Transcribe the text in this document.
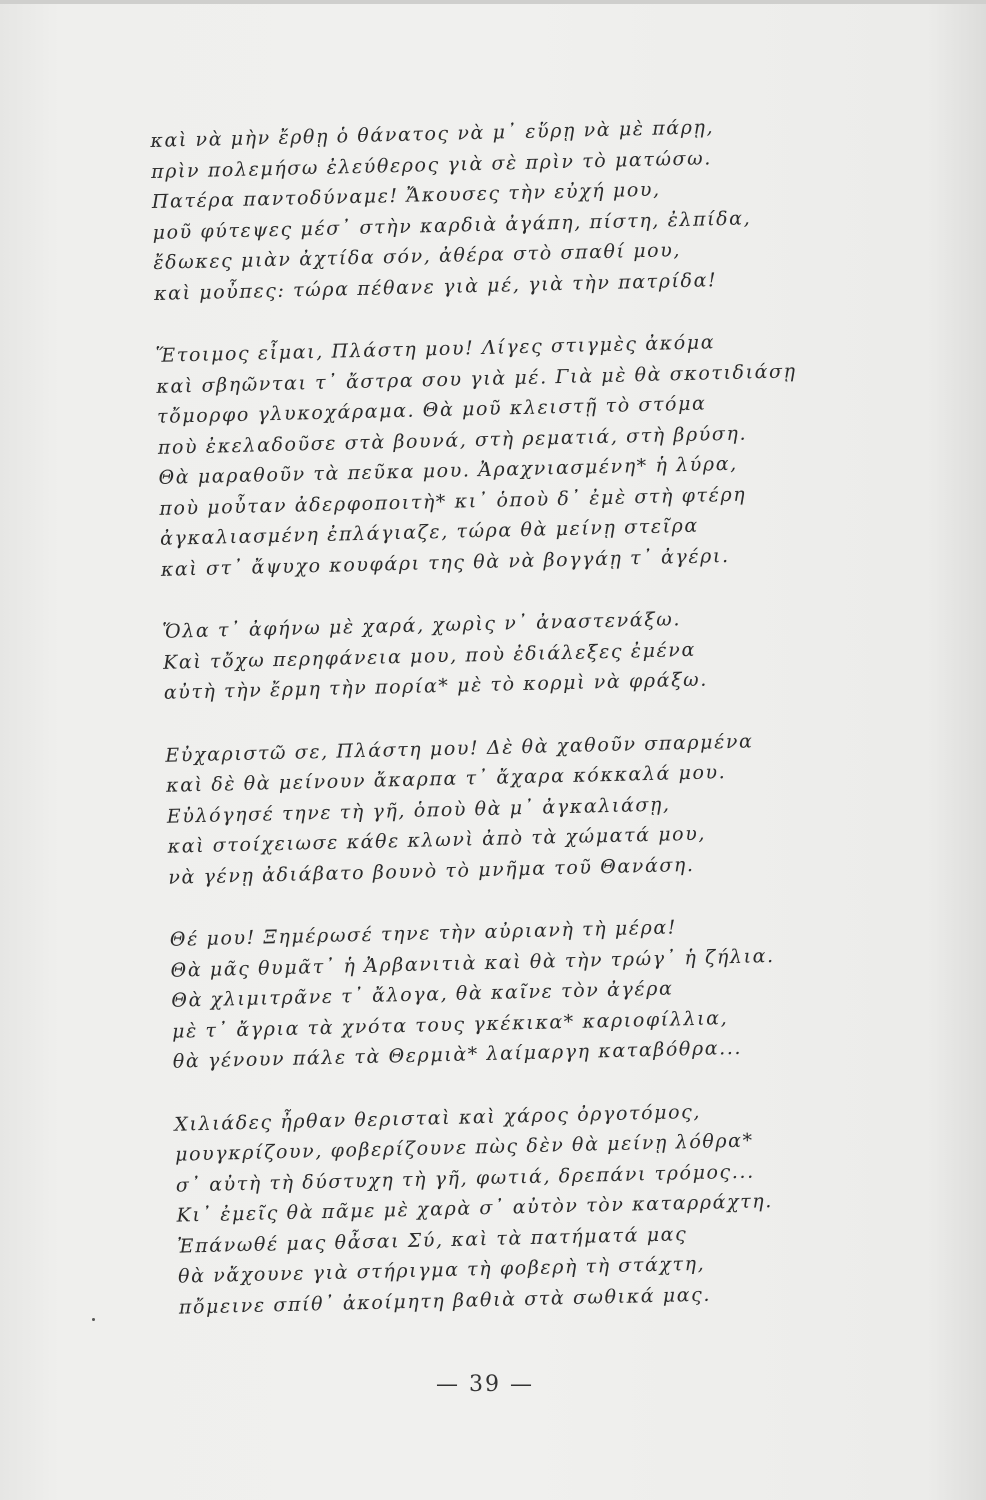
καὶ νὰ μὴν ἔρθῃ ὁ θάνατος νὰ μ᾿ εὕρῃ νὰ μὲ πάρῃ,
πρὶν πολεμήσω ἐλεύθερος γιὰ σὲ πρὶν τὸ ματώσω.
Πατέρα παντοδύναμε! Ἄκουσες τὴν εὐχή μου,
μοῦ φύτεψες μέσ᾿ στὴν καρδιὰ ἀγάπη, πίστη, ἐλπίδα,
ἔδωκες μιὰν ἀχτίδα σόν, ἀθέρα στὸ σπαθί μου,
καὶ μοὖπες: τώρα πέθανε γιὰ μέ, γιὰ τὴν πατρίδα!
Ἕτοιμος εἶμαι, Πλάστη μου! Λίγες στιγμὲς ἀκόμα
καὶ σβηῶνται τ᾿ ἄστρα σου γιὰ μέ. Γιὰ μὲ θὰ σκοτιδιάσῃ
τὄμορφο γλυκοχάραμα. Θὰ μοῦ κλειστῇ τὸ στόμα
ποὺ ἐκελαδοῦσε στὰ βουνά, στὴ ρεματιά, στὴ βρύση.
Θὰ μαραθοῦν τὰ πεῦκα μου. Ἀραχνιασμένη* ἡ λύρα,
ποὺ μοὖταν ἀδερφοποιτὴ* κι᾿ ὁποὺ δ᾿ ἐμὲ στὴ φτέρη
ἀγκαλιασμένη ἐπλάγιαζε, τώρα θὰ μείνῃ στεῖρα
καὶ στ᾿ ἄψυχο κουφάρι της θὰ νὰ βογγάῃ τ᾿ ἀγέρι.
Ὅλα τ᾿ ἀφήνω μὲ χαρά, χωρὶς ν᾿ ἀναστενάξω.
Καὶ τὄχω περηφάνεια μου, ποὺ ἐδιάλεξες ἐμένα
αὐτὴ τὴν ἔρμη τὴν πορία* μὲ τὸ κορμὶ νὰ φράξω.
Εὐχαριστῶ σε, Πλάστη μου! Δὲ θὰ χαθοῦν σπαρμένα
καὶ δὲ θὰ μείνουν ἄκαρπα τ᾿ ἄχαρα κόκκαλά μου.
Εὐλόγησέ τηνε τὴ γῆ, ὁποὺ θὰ μ᾿ ἀγκαλιάσῃ,
καὶ στοίχειωσε κάθε κλωνὶ ἀπὸ τὰ χώματά μου,
νὰ γένῃ ἀδιάβατο βουνὸ τὸ μνῆμα τοῦ Θανάση.
Θέ μου! Ξημέρωσέ τηνε τὴν αὐριανὴ τὴ μέρα!
Θὰ μᾶς θυμᾶτ᾿ ἡ Ἀρβανιτιὰ καὶ θὰ τὴν τρώγ᾿ ἡ ζήλια.
Θὰ χλιμιτρᾶνε τ᾿ ἄλογα, θὰ καῖνε τὸν ἀγέρα
μὲ τ᾿ ἄγρια τὰ χνότα τους γκέκικα* καριοφίλλια,
θὰ γένουν πάλε τὰ Θερμιὰ* λαίμαργη καταβόθρα...
Χιλιάδες ἦρθαν θερισταὶ καὶ χάρος ὀργοτόμος,
μουγκρίζουν, φοβερίζουνε πὼς δὲν θὰ μείνῃ λόθρα*
σ᾿ αὐτὴ τὴ δύστυχη τὴ γῆ, φωτιά, δρεπάνι τρόμος...
Κι᾿ ἐμεῖς θὰ πᾶμε μὲ χαρὰ σ᾿ αὐτὸν τὸν καταρράχτη.
Ἐπάνωθέ μας θἆσαι Σύ, καὶ τὰ πατήματά μας
θὰ νἄχουνε γιὰ στήριγμα τὴ φοβερὴ τὴ στάχτη,
πὄμεινε σπίθ᾿ ἀκοίμητη βαθιὰ στὰ σωθικά μας.
— 39 —
